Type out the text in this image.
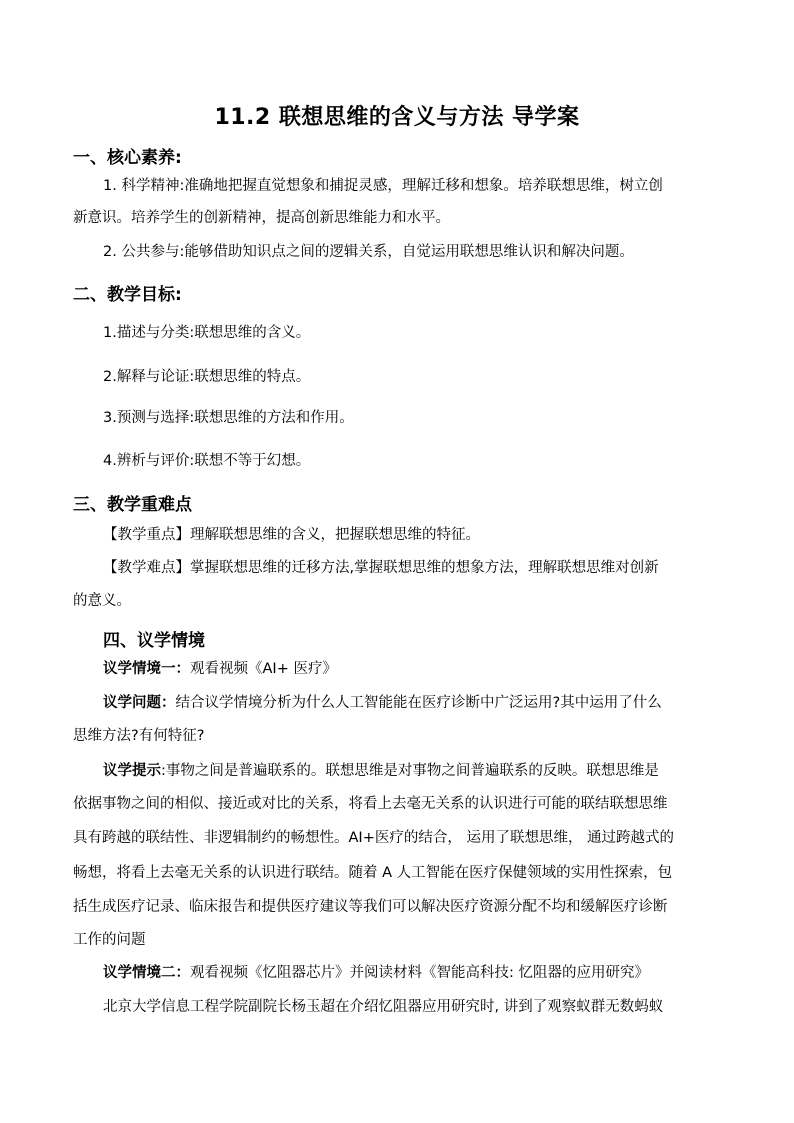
11.2 联想思维的含义与方法 导学案
一、核心素养:
1. 科学精神:准确地把握直觉想象和捕捉灵感，理解迁移和想象。培养联想思维，树立创
新意识。培养学生的创新精神，提高创新思维能力和水平。
2. 公共参与:能够借助知识点之间的逻辑关系，自觉运用联想思维认识和解决问题。
二、教学目标:
1.描述与分类:联想思维的含义。
2.解释与论证:联想思维的特点。
3.预测与选择:联想思维的方法和作用。
4.辨析与评价:联想不等于幻想。
三、教学重难点
【教学重点】理解联想思维的含义，把握联想思维的特征。
【教学难点】掌握联想思维的迁移方法,掌握联想思维的想象方法，理解联想思维对创新
的意义。
四、议学情境
议学情境一：观看视频《AI+ 医疗》
议学问题：结合议学情境分析为什么人工智能能在医疗诊断中广泛运用?其中运用了什么
思维方法?有何特征?
议学提示:事物之间是普遍联系的。联想思维是对事物之间普遍联系的反映。联想思维是
依据事物之间的相似、接近或对比的关系，将看上去毫无关系的认识进行可能的联结联想思维
具有跨越的联结性、非逻辑制约的畅想性。AI+医疗的结合， 运用了联想思维， 通过跨越式的
畅想，将看上去毫无关系的认识进行联结。随着 A 人工智能在医疗保健领域的实用性探索，包
括生成医疗记录、临床报告和提供医疗建议等我们可以解决医疗资源分配不均和缓解医疗诊断
工作的问题
议学情境二：观看视频《忆阻器芯片》并阅读材料《智能高科技: 忆阻器的应用研究》
北京大学信息工程学院副院长杨玉超在介绍忆阻器应用研究时, 讲到了观察蚁群无数蚂蚁
